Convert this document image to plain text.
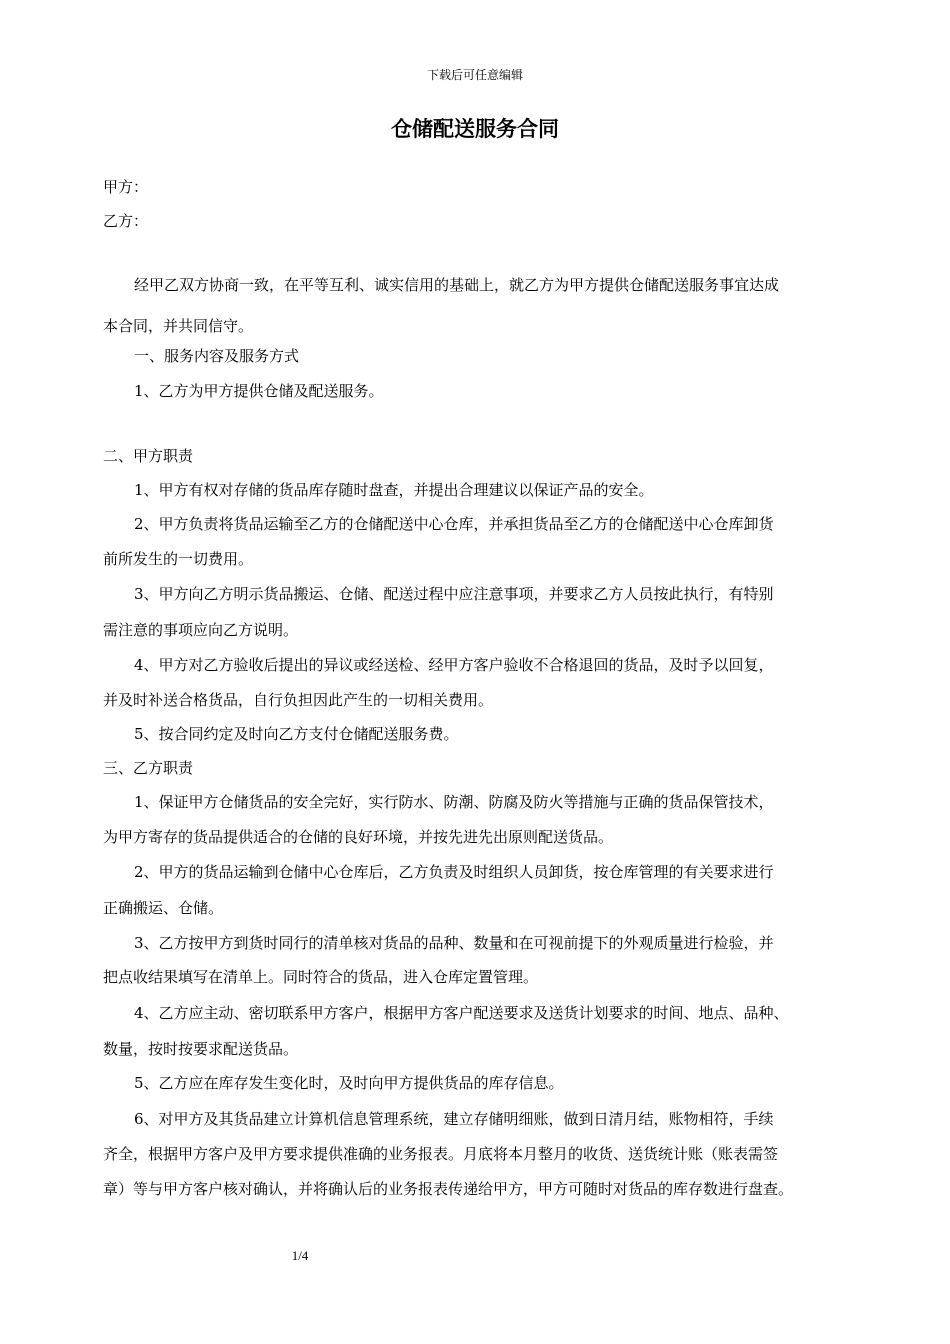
下载后可任意编辑
仓储配送服务合同
甲方：
乙方：
经甲乙双方协商一致，在平等互利、诚实信用的基础上，就乙方为甲方提供仓储配送服务事宜达成
本合同，并共同信守。
一、服务内容及服务方式
1、乙方为甲方提供仓储及配送服务。
二、甲方职责
1、甲方有权对存储的货品库存随时盘查，并提出合理建议以保证产品的安全。
2、甲方负责将货品运输至乙方的仓储配送中心仓库，并承担货品至乙方的仓储配送中心仓库卸货
前所发生的一切费用。
3、甲方向乙方明示货品搬运、仓储、配送过程中应注意事项，并要求乙方人员按此执行，有特别
需注意的事项应向乙方说明。
4、甲方对乙方验收后提出的异议或经送检、经甲方客户验收不合格退回的货品，及时予以回复，
并及时补送合格货品，自行负担因此产生的一切相关费用。
5、按合同约定及时向乙方支付仓储配送服务费。
三、乙方职责
1、保证甲方仓储货品的安全完好，实行防水、防潮、防腐及防火等措施与正确的货品保管技术，
为甲方寄存的货品提供适合的仓储的良好环境，并按先进先出原则配送货品。
2、甲方的货品运输到仓储中心仓库后，乙方负责及时组织人员卸货，按仓库管理的有关要求进行
正确搬运、仓储。
3、乙方按甲方到货时同行的清单核对货品的品种、数量和在可视前提下的外观质量进行检验，并
把点收结果填写在清单上。同时符合的货品，进入仓库定置管理。
4、乙方应主动、密切联系甲方客户，根据甲方客户配送要求及送货计划要求的时间、地点、品种、
数量，按时按要求配送货品。
5、乙方应在库存发生变化时，及时向甲方提供货品的库存信息。
6、对甲方及其货品建立计算机信息管理系统，建立存储明细账，做到日清月结，账物相符，手续
齐全，根据甲方客户及甲方要求提供准确的业务报表。月底将本月整月的收货、送货统计账（账表需签
章）等与甲方客户核对确认，并将确认后的业务报表传递给甲方，甲方可随时对货品的库存数进行盘查。
1/4
